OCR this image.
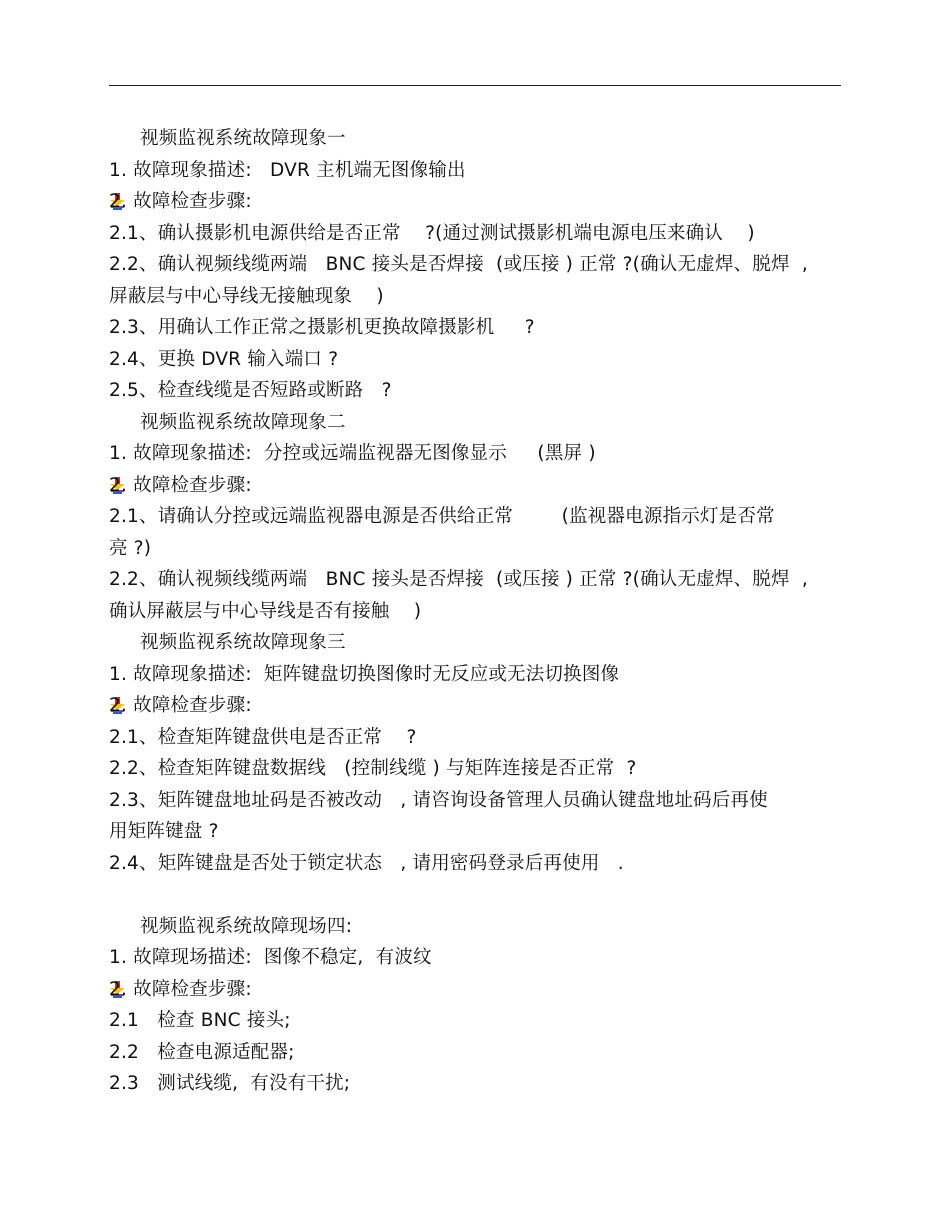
视频监视系统故障现象一
1. 故障现象描述:   DVR 主机端无图像输出
2. 故障检查步骤:
2.1、确认摄影机电源供给是否正常    ?(通过测试摄影机端电源电压来确认    )
2.2、确认视频线缆两端   BNC 接头是否焊接  (或压接 ) 正常 ?(确认无虚焊、脱焊  ,
屏蔽层与中心导线无接触现象    )
2.3、用确认工作正常之摄影机更换故障摄影机     ?
2.4、更换 DVR 输入端口 ?
2.5、检查线缆是否短路或断路   ?

视频监视系统故障现象二
1. 故障现象描述:  分控或远端监视器无图像显示     (黑屏 )
2. 故障检查步骤:
2.1、请确认分控或远端监视器电源是否供给正常        (监视器电源指示灯是否常
亮 ?)
2.2、确认视频线缆两端   BNC 接头是否焊接  (或压接 ) 正常 ?(确认无虚焊、脱焊  ,
确认屏蔽层与中心导线是否有接触    )

视频监视系统故障现象三
1. 故障现象描述:  矩阵键盘切换图像时无反应或无法切换图像
2. 故障检查步骤:
2.1、检查矩阵键盘供电是否正常    ?
2.2、检查矩阵键盘数据线   (控制线缆 ) 与矩阵连接是否正常  ?
2.3、矩阵键盘地址码是否被改动   , 请咨询设备管理人员确认键盘地址码后再使
用矩阵键盘 ?
2.4、矩阵键盘是否处于锁定状态   , 请用密码登录后再使用   .

视频监视系统故障现场四:
1. 故障现场描述:  图像不稳定,  有波纹
2. 故障检查步骤:
2.1   检查 BNC 接头;
2.2   检查电源适配器;
2.3   测试线缆,  有没有干扰;
